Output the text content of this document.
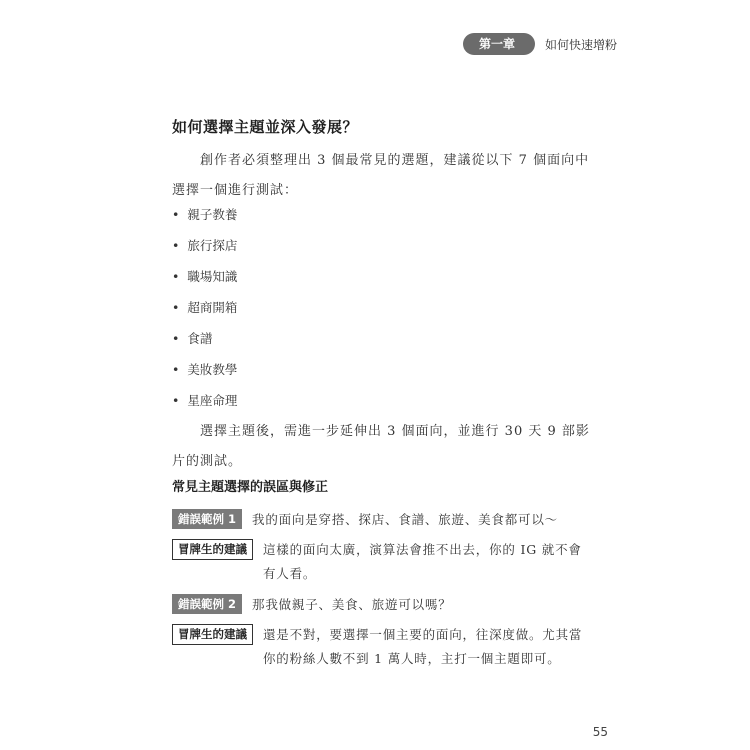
第一章	如何快速增粉
如何選擇主題並深入發展？
創作者必須整理出 3 個最常見的選題，建議從以下 7 個面向中選擇一個進行測試：
• 親子教養
• 旅行探店
• 職場知識
• 超商開箱
• 食譜
• 美妝教學
• 星座命理
選擇主題後，需進一步延伸出 3 個面向，並進行 30 天 9 部影片的測試。
常見主題選擇的誤區與修正
錯誤範例 1	我的面向是穿搭、探店、食譜、旅遊、美食都可以～
冒牌生的建議	這樣的面向太廣，演算法會推不出去，你的 IG 就不會有人看。
錯誤範例 2	那我做親子、美食、旅遊可以嗎？
冒牌生的建議	還是不對，要選擇一個主要的面向，往深度做。尤其當你的粉絲人數不到 1 萬人時，主打一個主題即可。
55
